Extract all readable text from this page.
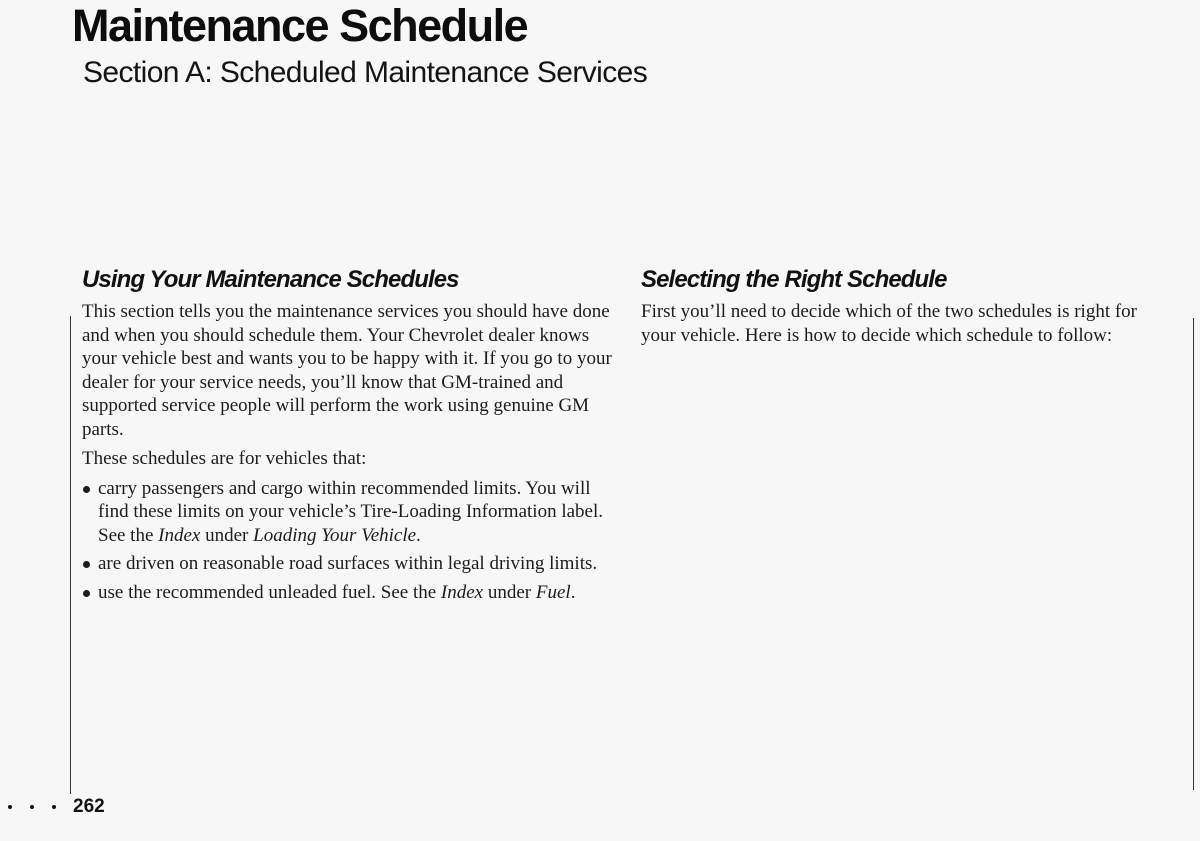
Maintenance Schedule
Section A: Scheduled Maintenance Services
Using Your Maintenance Schedules

This section tells you the maintenance services you should have done and when you should schedule them. Your Chevrolet dealer knows your vehicle best and wants you to be happy with it. If you go to your dealer for your service needs, you’ll know that GM-trained and supported service people will perform the work using genuine GM parts.

These schedules are for vehicles that:

carry passengers and cargo within recommended limits. You will find these limits on your vehicle’s Tire-Loading Information label. See the Index under Loading Your Vehicle.
are driven on reasonable road surfaces within legal driving limits.
use the recommended unleaded fuel. See the Index under Fuel.
Selecting the Right Schedule

First you’ll need to decide which of the two schedules is right for your vehicle. Here is how to decide which schedule to follow:

262
